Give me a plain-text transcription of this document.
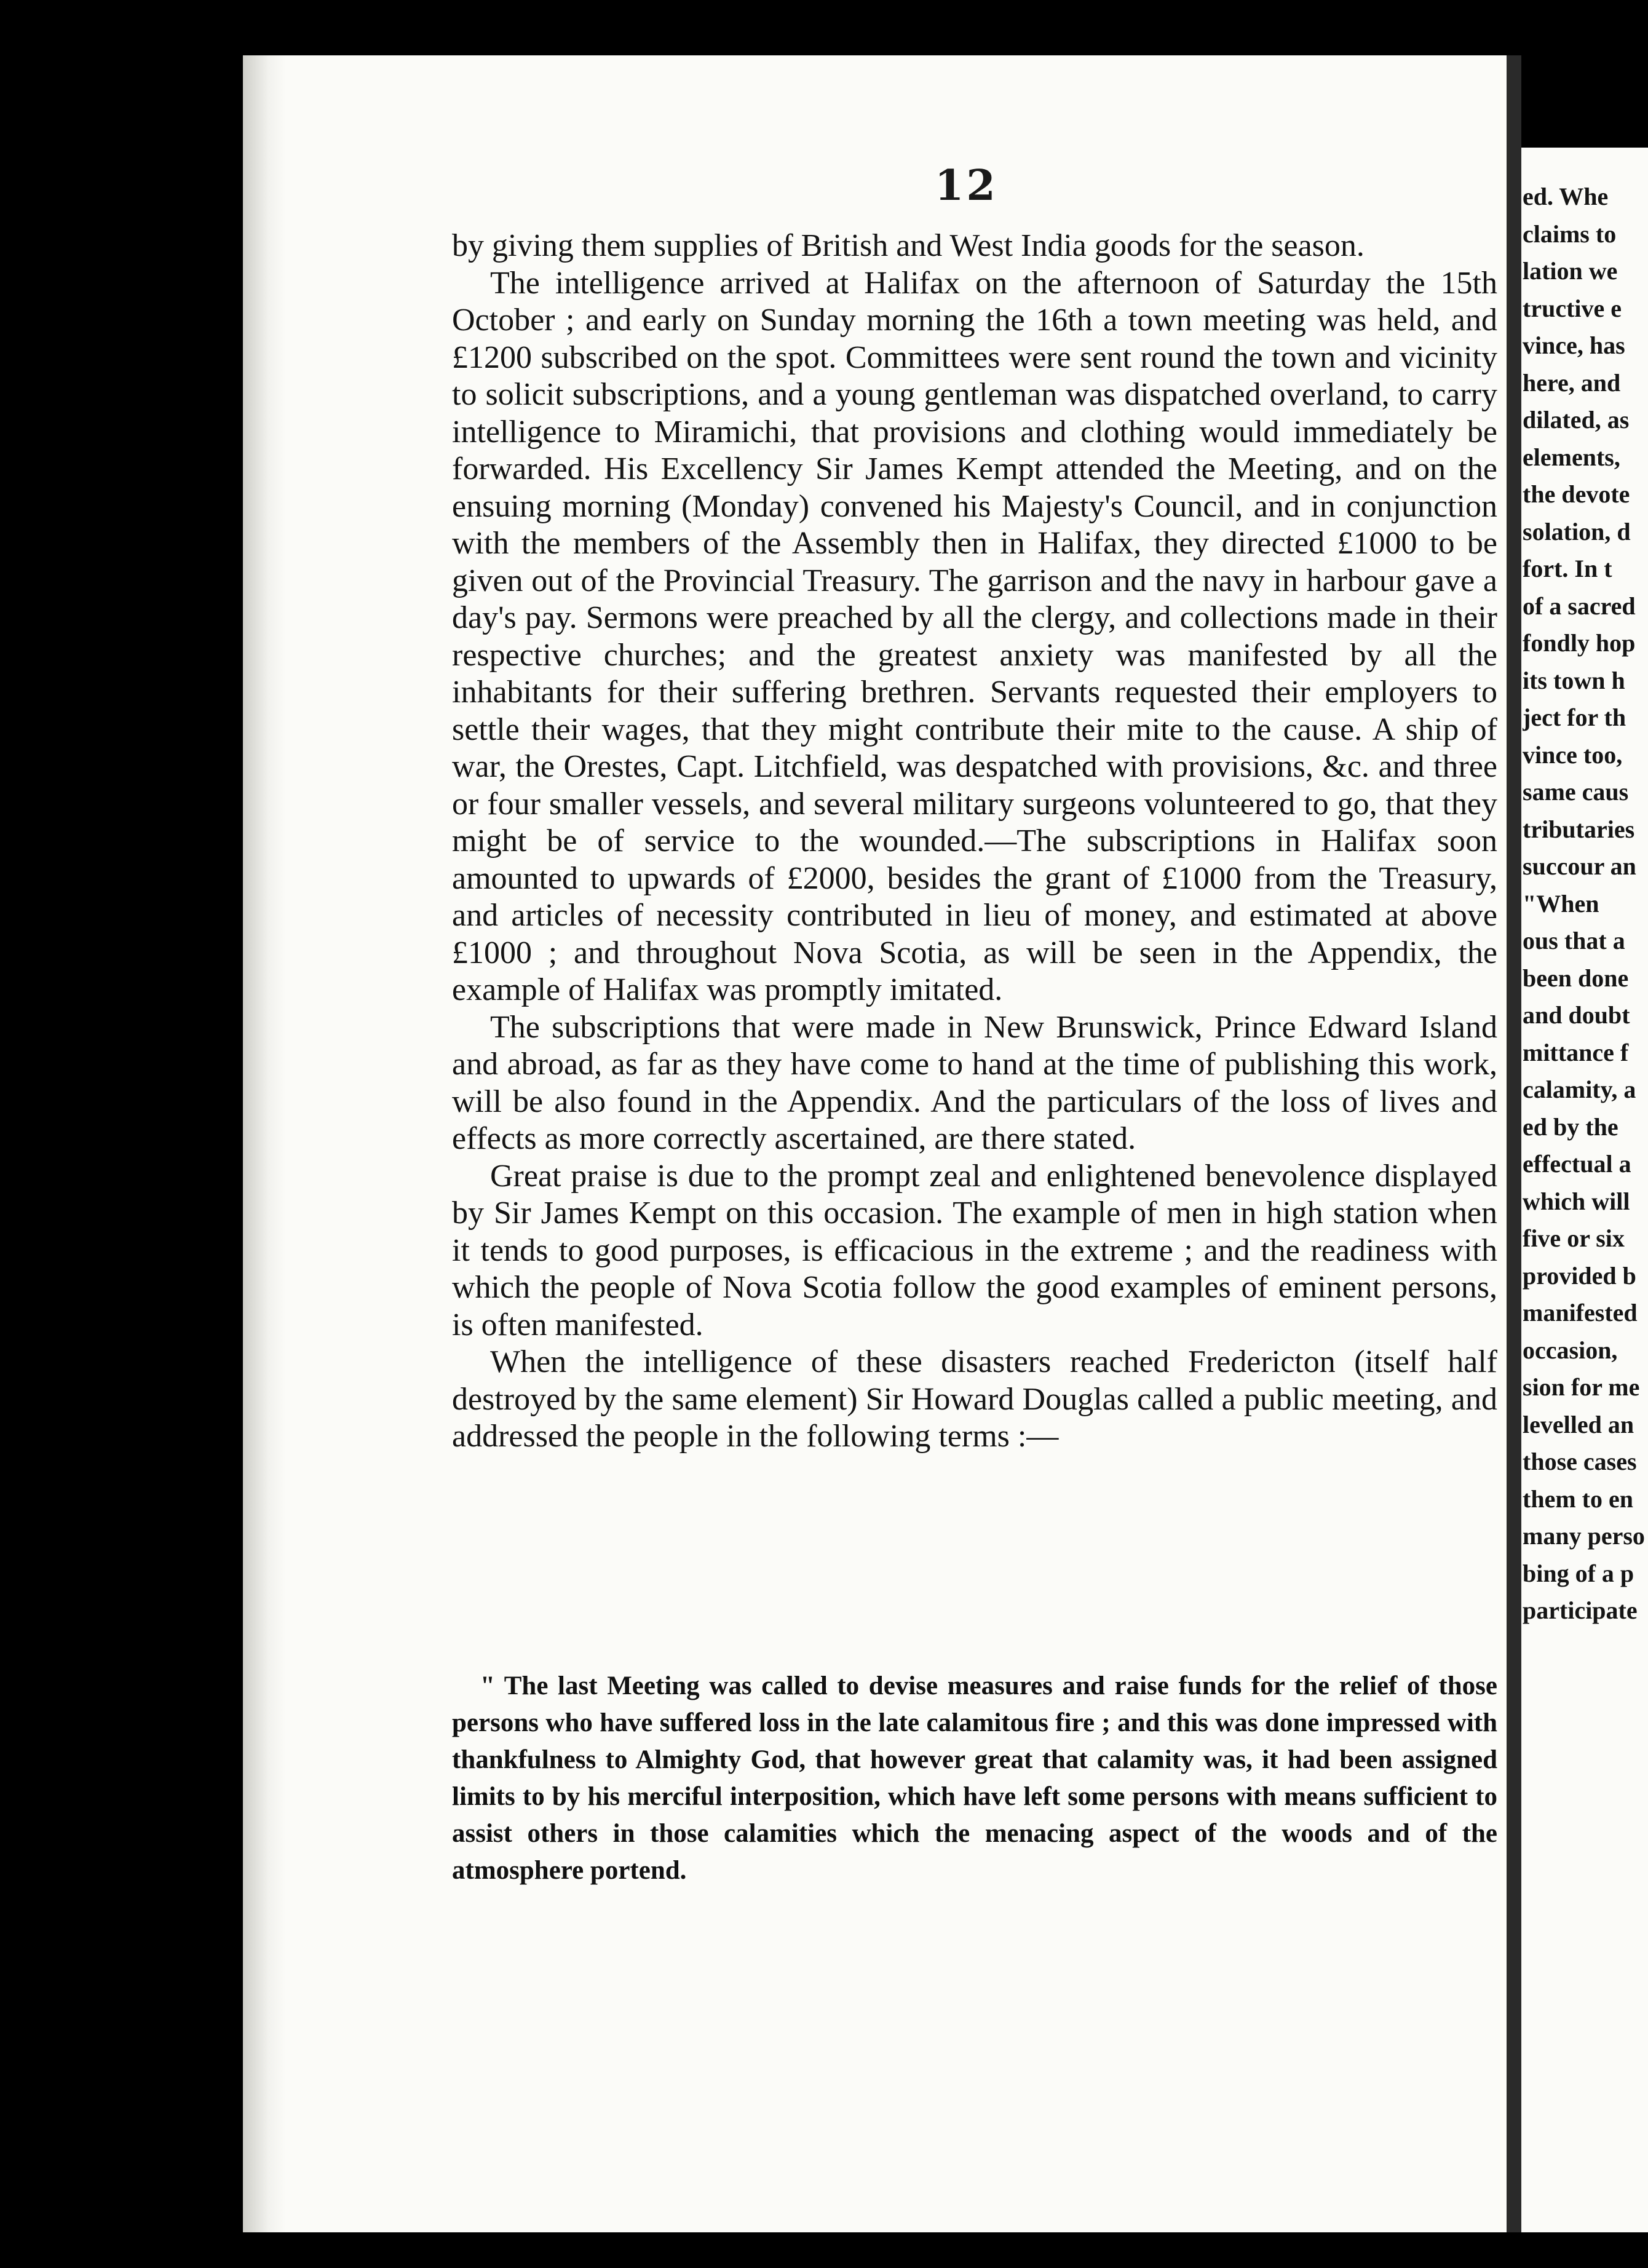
12

by giving them supplies of British and West India goods for the season.

The intelligence arrived at Halifax on the afternoon of Saturday the 15th October ; and early on Sunday morning the 16th a town meeting was held, and £1200 subscribed on the spot. Committees were sent round the town and vicinity to solicit subscriptions, and a young gentleman was dispatched overland, to carry intelligence to Miramichi, that provisions and clothing would immediately be forwarded. His Excellency Sir James Kempt attended the Meeting, and on the ensuing morning (Monday) convened his Majesty's Council, and in conjunction with the members of the Assembly then in Halifax, they directed £1000 to be given out of the Provincial Treasury. The garrison and the navy in harbour gave a day's pay. Sermons were preached by all the clergy, and collections made in their respective churches; and the greatest anxiety was manifested by all the inhabitants for their suffering brethren. Servants requested their employers to settle their wages, that they might contribute their mite to the cause. A ship of war, the Orestes, Capt. Litchfield, was despatched with provisions, &c. and three or four smaller vessels, and several military surgeons volunteered to go, that they might be of service to the wounded.—The subscriptions in Halifax soon amounted to upwards of £2000, besides the grant of £1000 from the Treasury, and articles of necessity contributed in lieu of money, and estimated at above £1000 ; and throughout Nova Scotia, as will be seen in the Appendix, the example of Halifax was promptly imitated.

The subscriptions that were made in New Brunswick, Prince Edward Island and abroad, as far as they have come to hand at the time of publishing this work, will be also found in the Appendix. And the particulars of the loss of lives and effects as more correctly ascertained, are there stated.

Great praise is due to the prompt zeal and enlightened benevolence displayed by Sir James Kempt on this occasion. The example of men in high station when it tends to good purposes, is efficacious in the extreme ; and the readiness with which the people of Nova Scotia follow the good examples of eminent persons, is often manifested.

When the intelligence of these disasters reached Fredericton (itself half destroyed by the same element) Sir Howard Douglas called a public meeting, and addressed the people in the following terms :—

" The last Meeting was called to devise measures and raise funds for the relief of those persons who have suffered loss in the late calamitous fire ; and this was done impressed with thankfulness to Almighty God, that however great that calamity was, it had been assigned limits to by his merciful interposition, which have left some persons with means sufficient to assist others in those calamities which the menacing aspect of the woods and of the atmosphere portend.

ed. Whe
claims to
lation we
tructive e
vince, has
here, and
dilated, as
elements,
the devote
solation, d
fort. In t
of a sacred
fondly hop
its town h
ject for th
vince too,
same caus
tributaries
succour an
"When
ous that a
been done
and doubt
mittance f
calamity, a
ed by the
effectual a
which will
five or six
provided b
manifested
occasion,
sion for me
levelled an
those cases
them to en
many perso
bing of a p
participate
